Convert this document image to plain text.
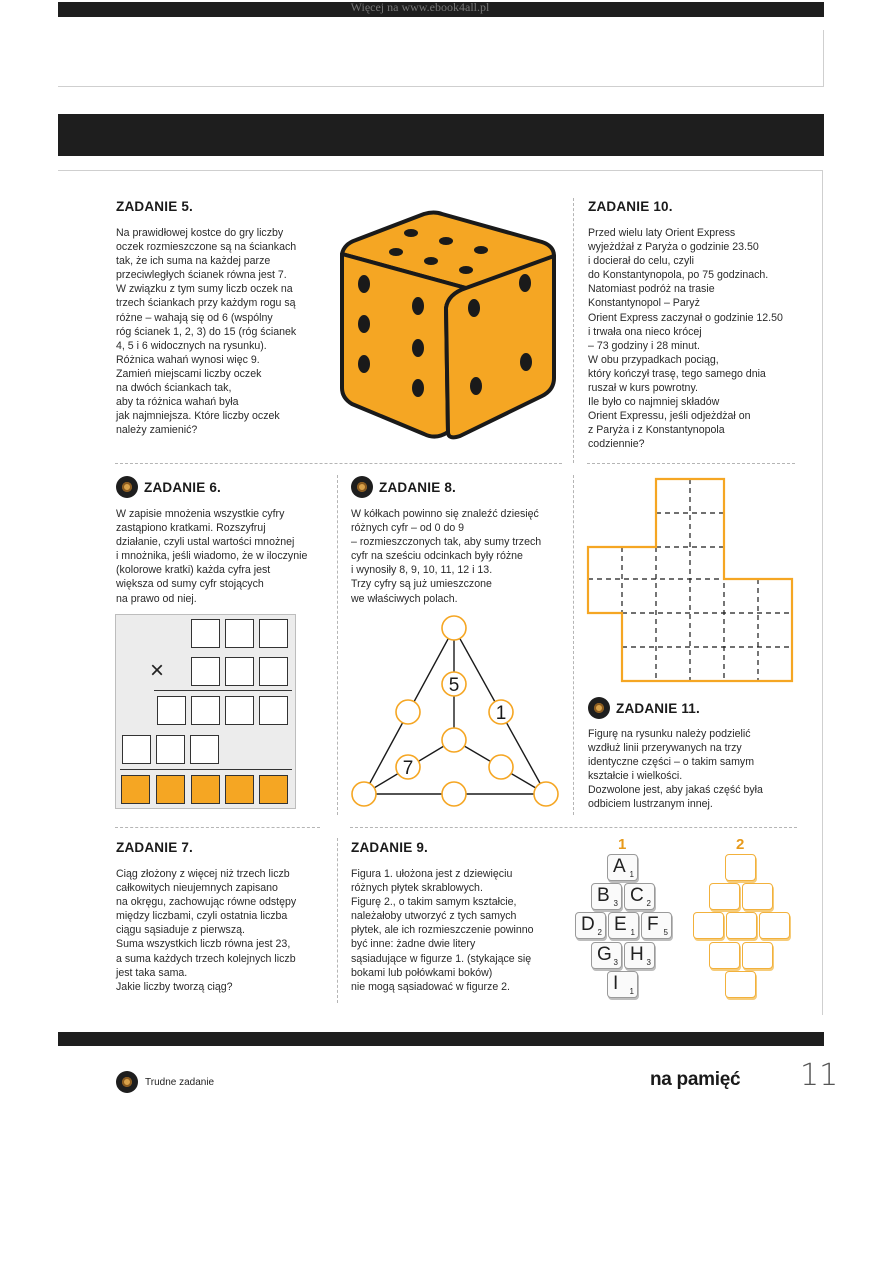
Więcej na www.ebook4all.pl
ZADANIE 5.

Na prawidłowej kostce do gry liczby

oczek rozmieszczone są na ściankach

tak, że ich suma na każdej parze

przeciwległych ścianek równa jest 7.

W związku z tym sumy liczb oczek na

trzech ściankach przy każdym rogu są

różne – wahają się od 6 (wspólny

róg ścianek 1, 2, 3) do 15 (róg ścianek

4, 5 i 6 widocznych na rysunku).

Różnica wahań wynosi więc 9.

Zamień miejscami liczby oczek

na dwóch ściankach tak,

aby ta różnica wahań była

jak najmniejsza. Które liczby oczek

należy zamienić?

ZADANIE 10.

Przed wielu laty Orient Express

wyjeżdżał z Paryża o godzinie 23.50

i docierał do celu, czyli

do Konstantynopola, po 75 godzinach.

Natomiast podróż na trasie

Konstantynopol – Paryż

Orient Express zaczynał o godzinie 12.50

i trwała ona nieco krócej

– 73 godziny i 28 minut.

W obu przypadkach pociąg,

który kończył trasę, tego samego dnia

ruszał w kurs powrotny.

Ile było co najmniej składów

Orient Expressu, jeśli odjeżdżał on

z Paryża i z Konstantynopola

codziennie?

ZADANIE 6.

W zapisie mnożenia wszystkie cyfry

zastąpiono kratkami. Rozszyfruj

działanie, czyli ustal wartości mnożnej

i mnożnika, jeśli wiadomo, że w iloczynie

(kolorowe kratki) każda cyfra jest

większa od sumy cyfr stojących

na prawo od niej.

×
ZADANIE 8.

W kółkach powinno się znaleźć dziesięć

różnych cyfr – od 0 do 9

– rozmieszczonych tak, aby sumy trzech

cyfr na sześciu odcinkach były różne

i wynosiły 8, 9, 10, 11, 12 i 13.

Trzy cyfry są już umieszczone

we właściwych polach.

5
1
7
ZADANIE 11.

Figurę na rysunku należy podzielić

wzdłuż linii przerywanych na trzy

identyczne części – o takim samym

kształcie i wielkości.

Dozwolone jest, aby jakaś część była

odbiciem lustrzanym innej.

ZADANIE 7.

Ciąg złożony z więcej niż trzech liczb

całkowitych nieujemnych zapisano

na okręgu, zachowując równe odstępy

między liczbami, czyli ostatnia liczba

ciągu sąsiaduje z pierwszą.

Suma wszystkich liczb równa jest 23,

a suma każdych trzech kolejnych liczb

jest taka sama.

Jakie liczby tworzą ciąg?

ZADANIE 9.

Figura 1. ułożona jest z dziewięciu

różnych płytek skrablowych.

Figurę 2., o takim samym kształcie,

należałoby utworzyć z tych samych

płytek, ale ich rozmieszczenie powinno

być inne: żadne dwie litery

sąsiadujące w figurze 1. (stykające się

bokami lub połówkami boków)

nie mogą sąsiadować w figurze 2.

1
A 1
B 3 C 2
D 2 E 1 F 5
G 3 H 3
I 1
2
Trudne zadanie	na pamięć 11
